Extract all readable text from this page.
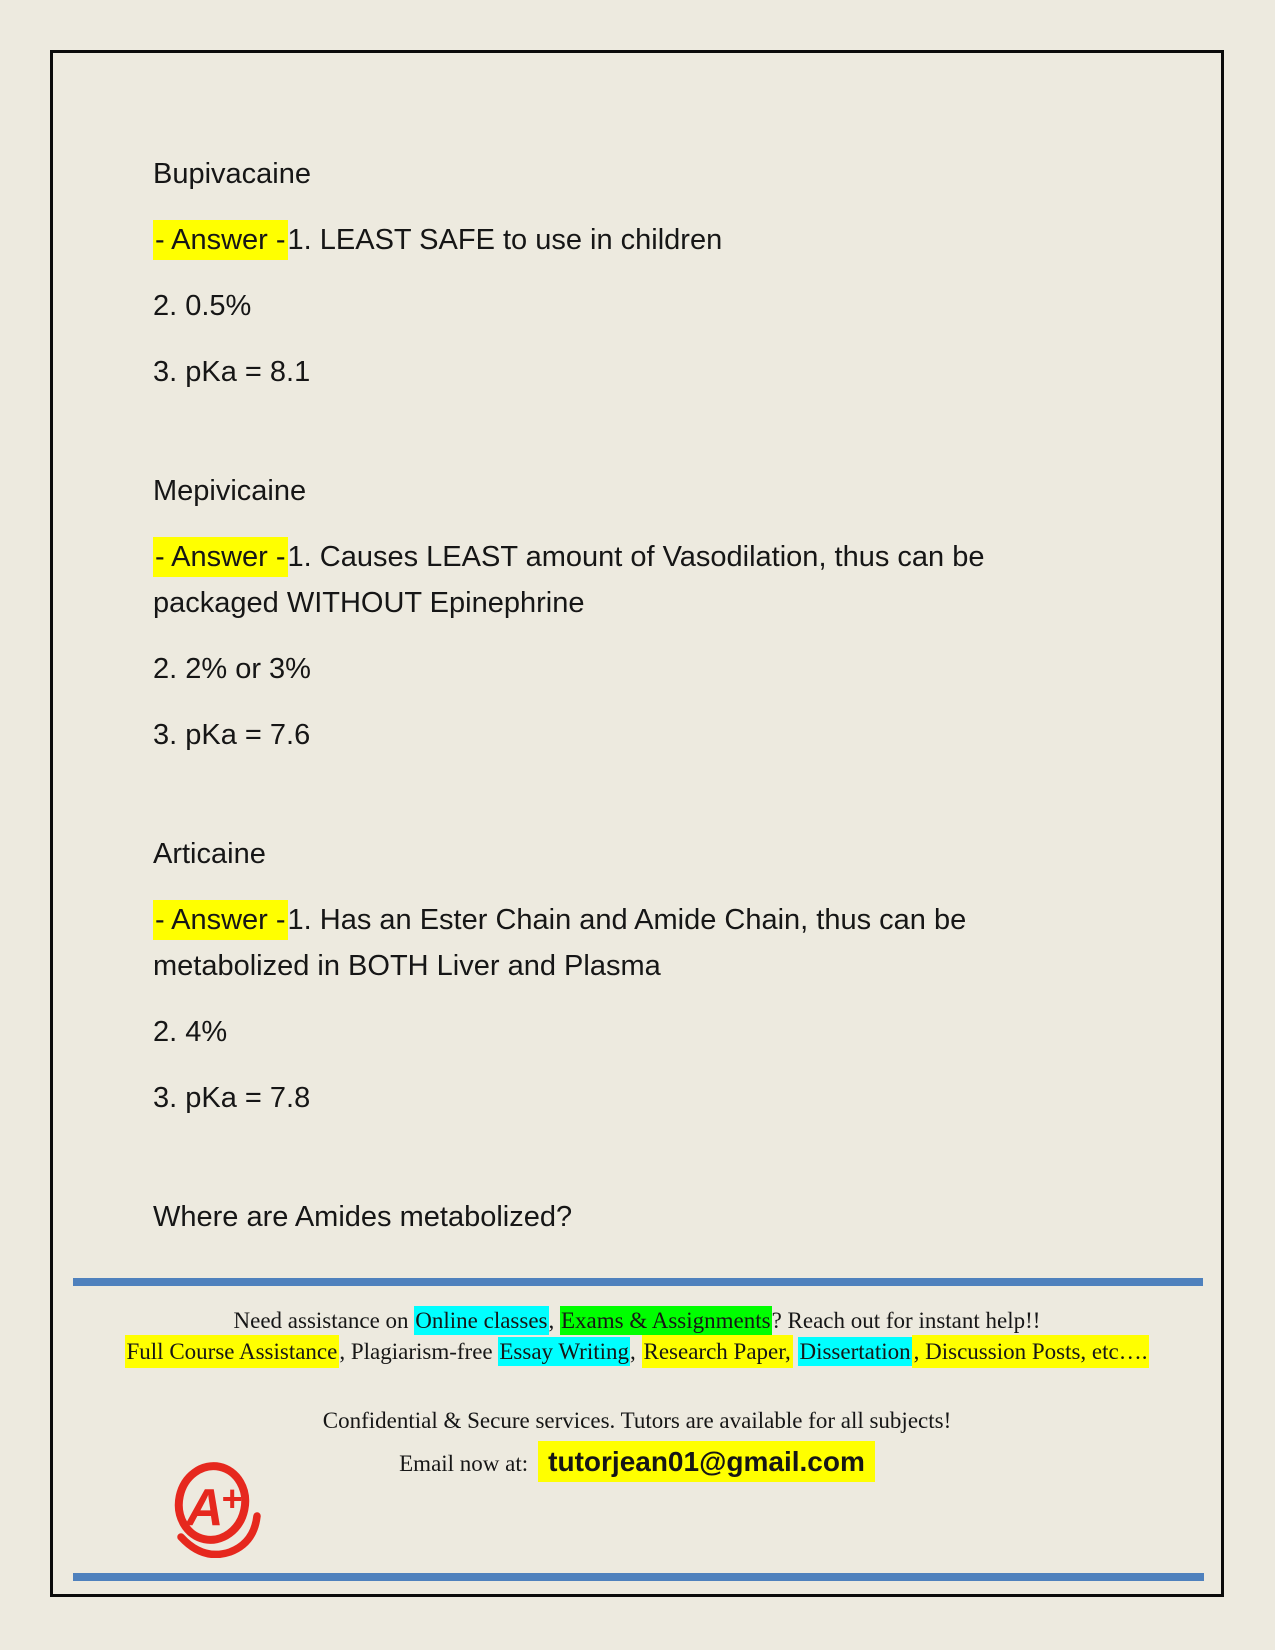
Bupivacaine

- Answer -1. LEAST SAFE to use in children

2. 0.5%

3. pKa = 8.1

Mepivicaine

- Answer -1. Causes LEAST amount of Vasodilation, thus can be packaged WITHOUT Epinephrine

2. 2% or 3%

3. pKa = 7.6

Articaine

- Answer -1. Has an Ester Chain and Amide Chain, thus can be metabolized in BOTH Liver and Plasma

2. 4%

3. pKa = 7.8

Where are Amides metabolized?

Need assistance on Online classes, Exams & Assignments? Reach out for instant help!!

Full Course Assistance, Plagiarism-free Essay Writing, Research Paper, Dissertation , Discussion Posts, etc….

Confidential & Secure services. Tutors are available for all subjects!

Email now at: tutorjean01@gmail.com

A
+
